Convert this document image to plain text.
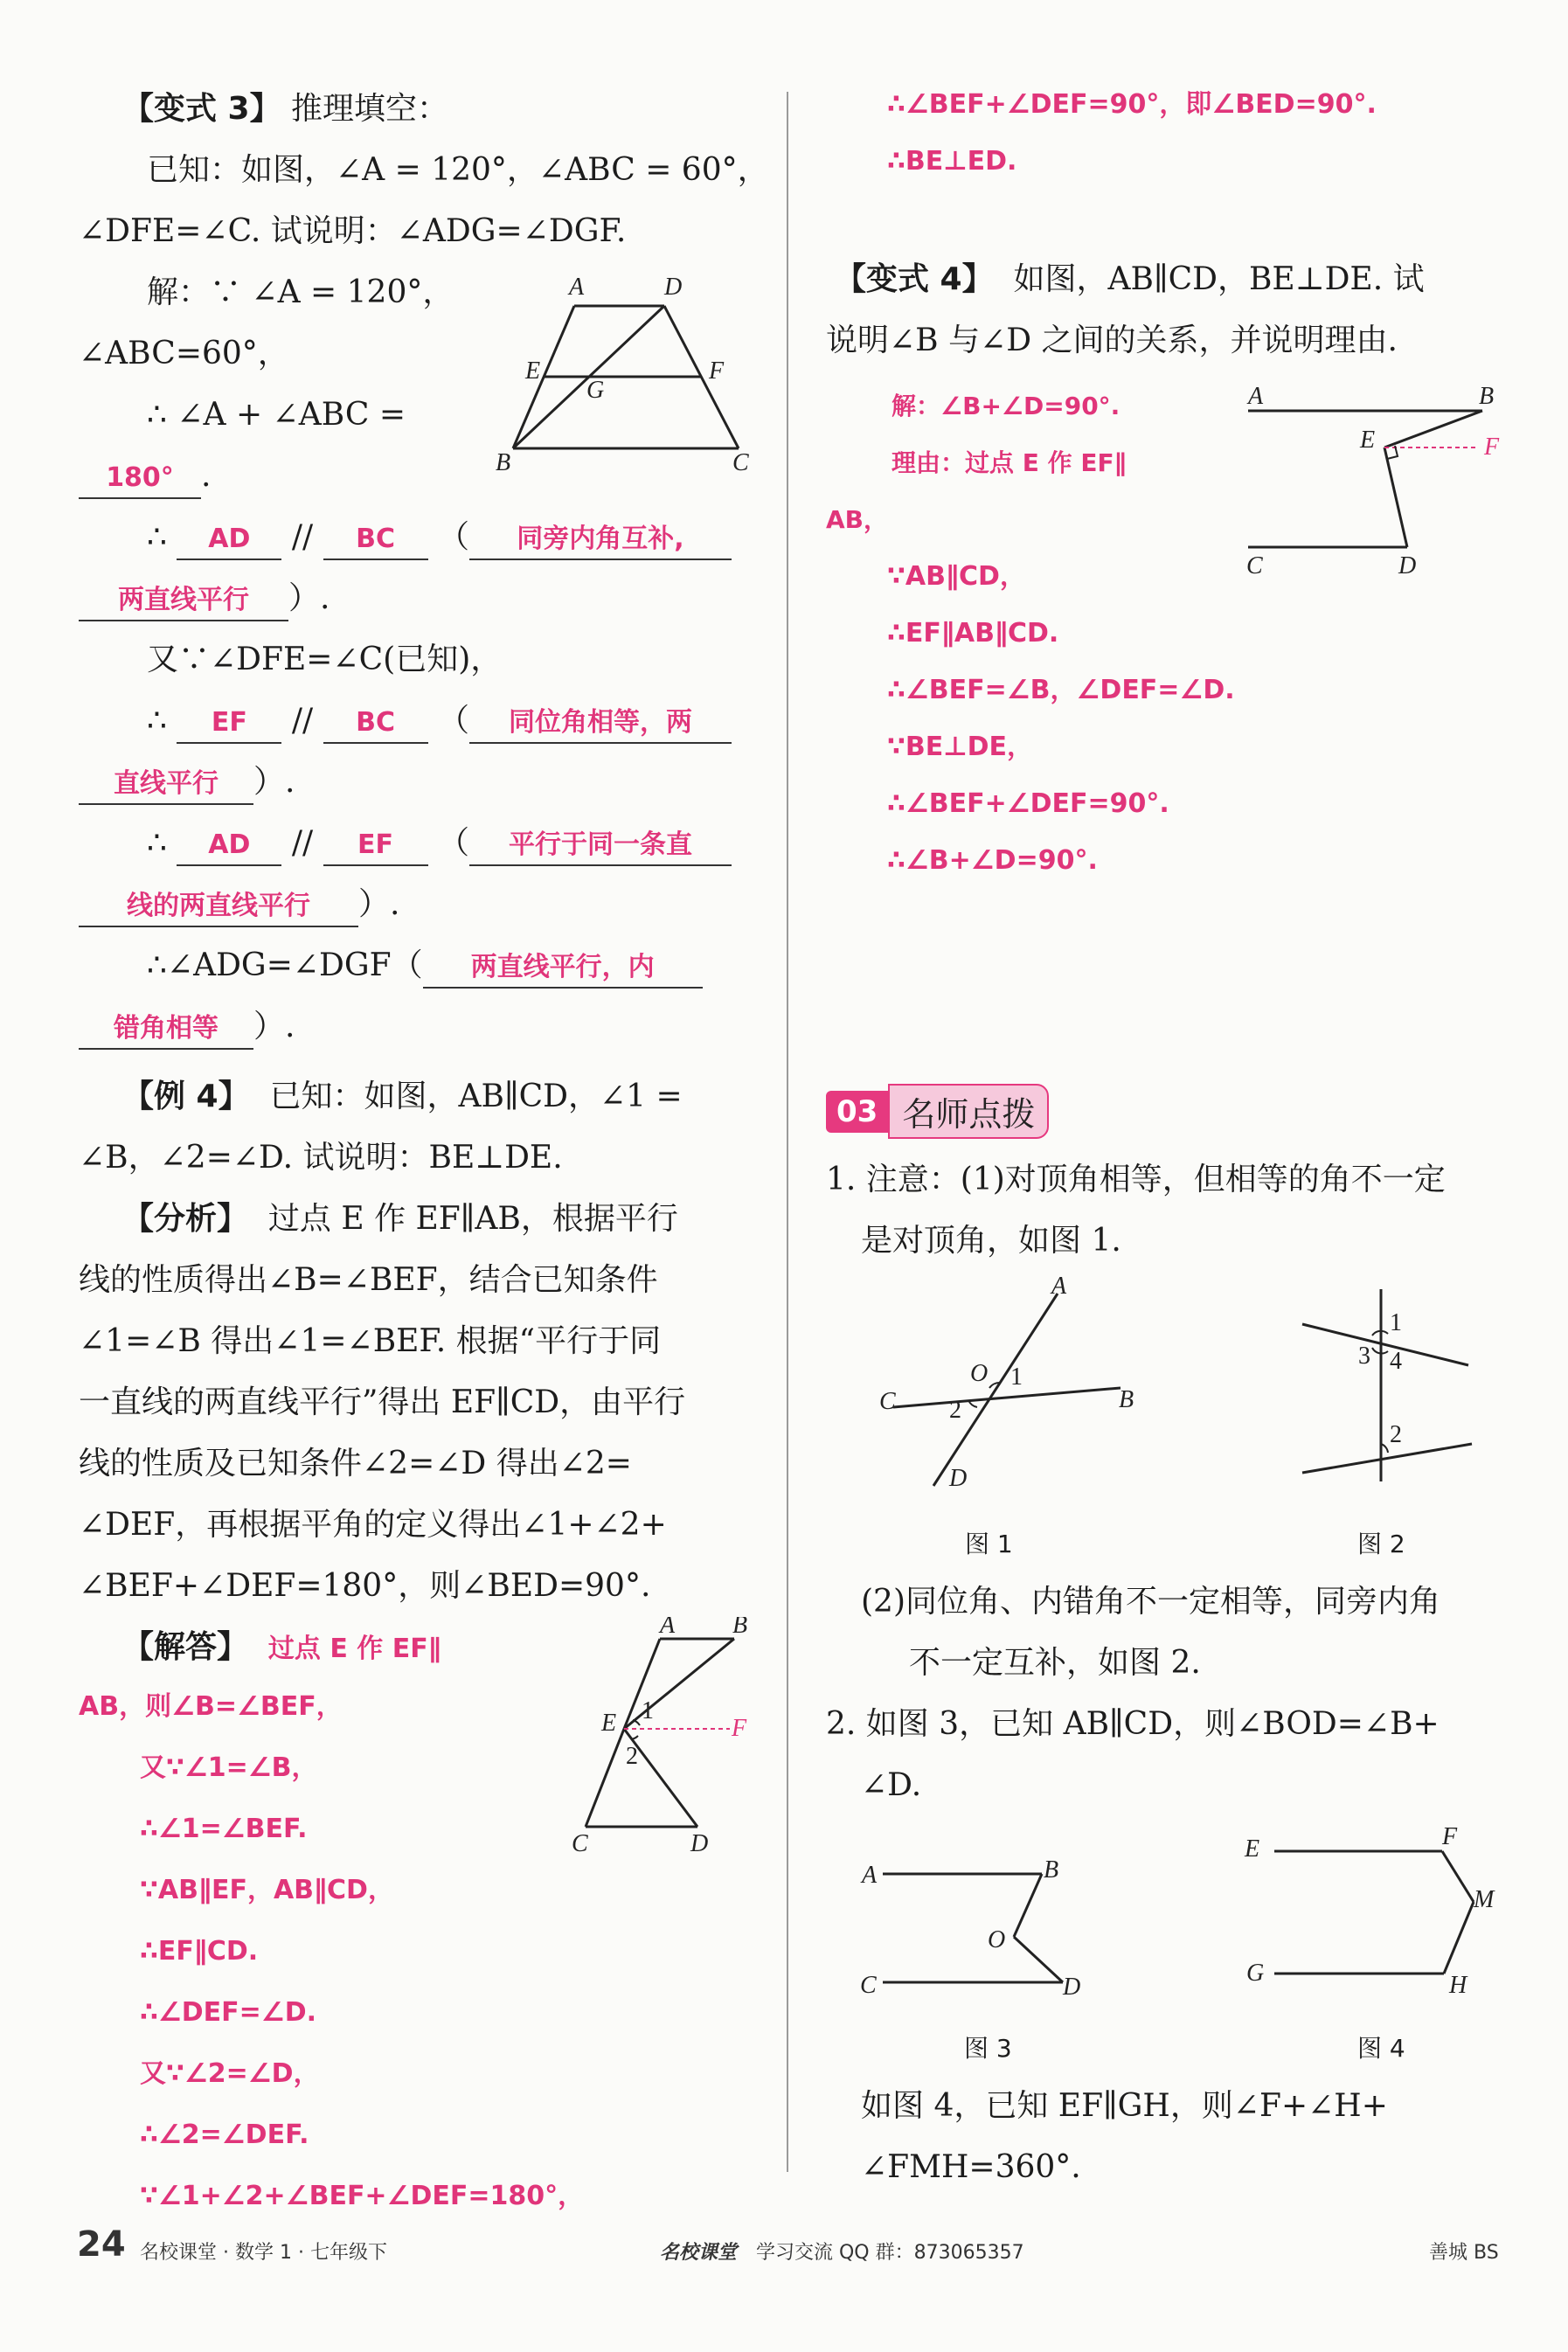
【变式 3】 推理填空：
已知：如图，∠A = 120°，∠ABC = 60°，
∠DFE=∠C. 试说明：∠ADG=∠DGF.
解：∵ ∠A = 120°，
∠ABC=60°，
∴ ∠A + ∠ABC =
180° .
∴ AD // BC （ 同旁内角互补,
两直线平行 ）.
又∵∠DFE=∠C(已知)，
∴ EF // BC （ 同位角相等，两
直线平行 ）.
∴ AD // EF （ 平行于同一条直
线的两直线平行 ）.
∴∠ADG=∠DGF（ 两直线平行，内
错角相等 ）.
A	D
E	F
G
B	C
【例 4】 已知：如图，AB∥CD，∠1 =
∠B，∠2=∠D. 试说明：BE⊥DE.
【分析】 过点 E 作 EF∥AB，根据平行
线的性质得出∠B=∠BEF，结合已知条件
∠1=∠B 得出∠1=∠BEF. 根据“平行于同
一直线的两直线平行”得出 EF∥CD，由平行
线的性质及已知条件∠2=∠D 得出∠2=
∠DEF，再根据平角的定义得出∠1+∠2+
∠BEF+∠DEF=180°，则∠BED=90°.
【解答】 过点 E 作 EF∥
AB，则∠B=∠BEF，
又∵∠1=∠B，
∴∠1=∠BEF.
∵AB∥EF，AB∥CD，
∴EF∥CD.
∴∠DEF=∠D.
又∵∠2=∠D，
∴∠2=∠DEF.
∵∠1+∠2+∠BEF+∠DEF=180°，
A B
E	F
1
2
C	D
∴∠BEF+∠DEF=90°，即∠BED=90°.
∴BE⊥ED.
【变式 4】 如图，AB∥CD，BE⊥DE. 试
说明∠B 与∠D 之间的关系，并说明理由.
解：∠B+∠D=90°.
理由：过点 E 作 EF∥
AB，
∵AB∥CD，
∴EF∥AB∥CD.
∴∠BEF=∠B，∠DEF=∠D.
∵BE⊥DE，
∴∠BEF+∠DEF=90°.
∴∠B+∠D=90°.
A	B
E	F
C	D
03 名师点拨
1. 注意：(1)对顶角相等，但相等的角不一定
是对顶角，如图 1.
A
C
O 1
2	B
D
图 1
1
3 4
2
图 2
(2)同位角、内错角不一定相等，同旁内角
不一定互补，如图 2.
2. 如图 3，已知 AB∥CD，则∠BOD=∠B+
∠D.
A	B
O
C	D
图 3
E	F
M
G	H
图 4
如图 4，已知 EF∥GH，则∠F+∠H+
∠FMH=360°.
24 名校课堂 · 数学 1 · 七年级下	名校课堂 学习交流 QQ 群：873065357	善城 BS
